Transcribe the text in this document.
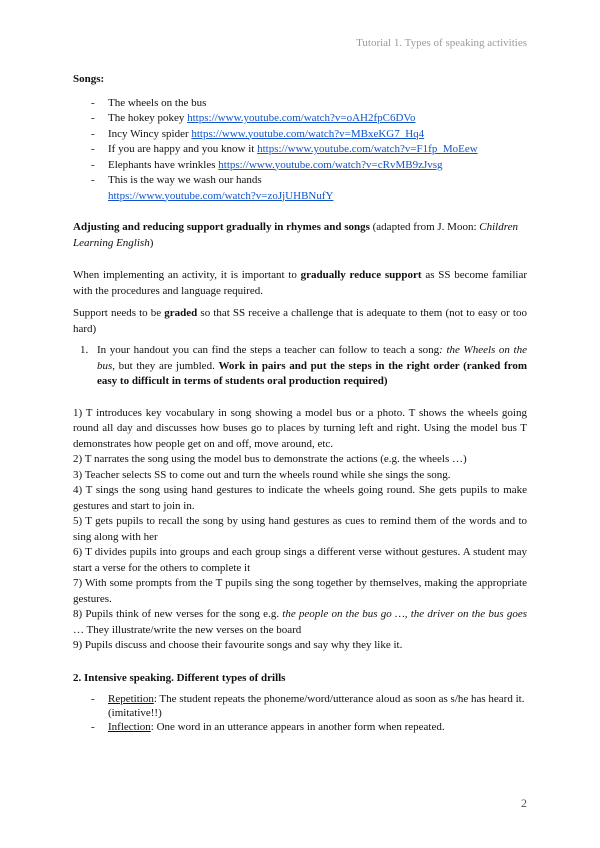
Tutorial 1. Types of speaking activities
Songs:
- The wheels on the bus
- The hokey pokey https://www.youtube.com/watch?v=oAH2fpC6DVo
- Incy Wincy spider https://www.youtube.com/watch?v=MBxeKG7_Hq4
- If you are happy and you know it https://www.youtube.com/watch?v=F1fp_MoEew
- Elephants have wrinkles https://www.youtube.com/watch?v=cRvMB9zJvsg
- This is the way we wash our hands
https://www.youtube.com/watch?v=zoJjUHBNufY
Adjusting and reducing support gradually in rhymes and songs (adapted from J. Moon: Children Learning English)

When implementing an activity, it is important to gradually reduce support as SS become familiar with the procedures and language required.

Support needs to be graded so that SS receive a challenge that is adequate to them (not to easy or too hard)

1. In your handout you can find the steps a teacher can follow to teach a song: the Wheels on the bus, but they are jumbled. Work in pairs and put the steps in the right order (ranked from easy to difficult in terms of students oral production required)
1) T introduces key vocabulary in song showing a model bus or a photo. T shows the wheels going round all day and discusses how buses go to places by turning left and right. Using the model bus T demonstrates how people get on and off, move around, etc.
2) T narrates the song using the model bus to demonstrate the actions (e.g. the wheels …)
3) Teacher selects SS to come out and turn the wheels round while she sings the song.
4) T sings the song using hand gestures to indicate the wheels going round. She gets pupils to make gestures and start to join in.
5) T gets pupils to recall the song by using hand gestures as cues to remind them of the words and to sing along with her
6) T divides pupils into groups and each group sings a different verse without gestures. A student may start a verse for the others to complete it
7) With some prompts from the T pupils sing the song together by themselves, making the appropriate gestures.
8) Pupils think of new verses for the song e.g. the people on the bus go …, the driver on the bus goes … They illustrate/write the new verses on the board
9) Pupils discuss and choose their favourite songs and say why they like it.
2. Intensive speaking. Different types of drills
- Repetition: The student repeats the phoneme/word/utterance aloud as soon as s/he has heard it. (imitative!!)
- Inflection: One word in an utterance appears in another form when repeated.
2
